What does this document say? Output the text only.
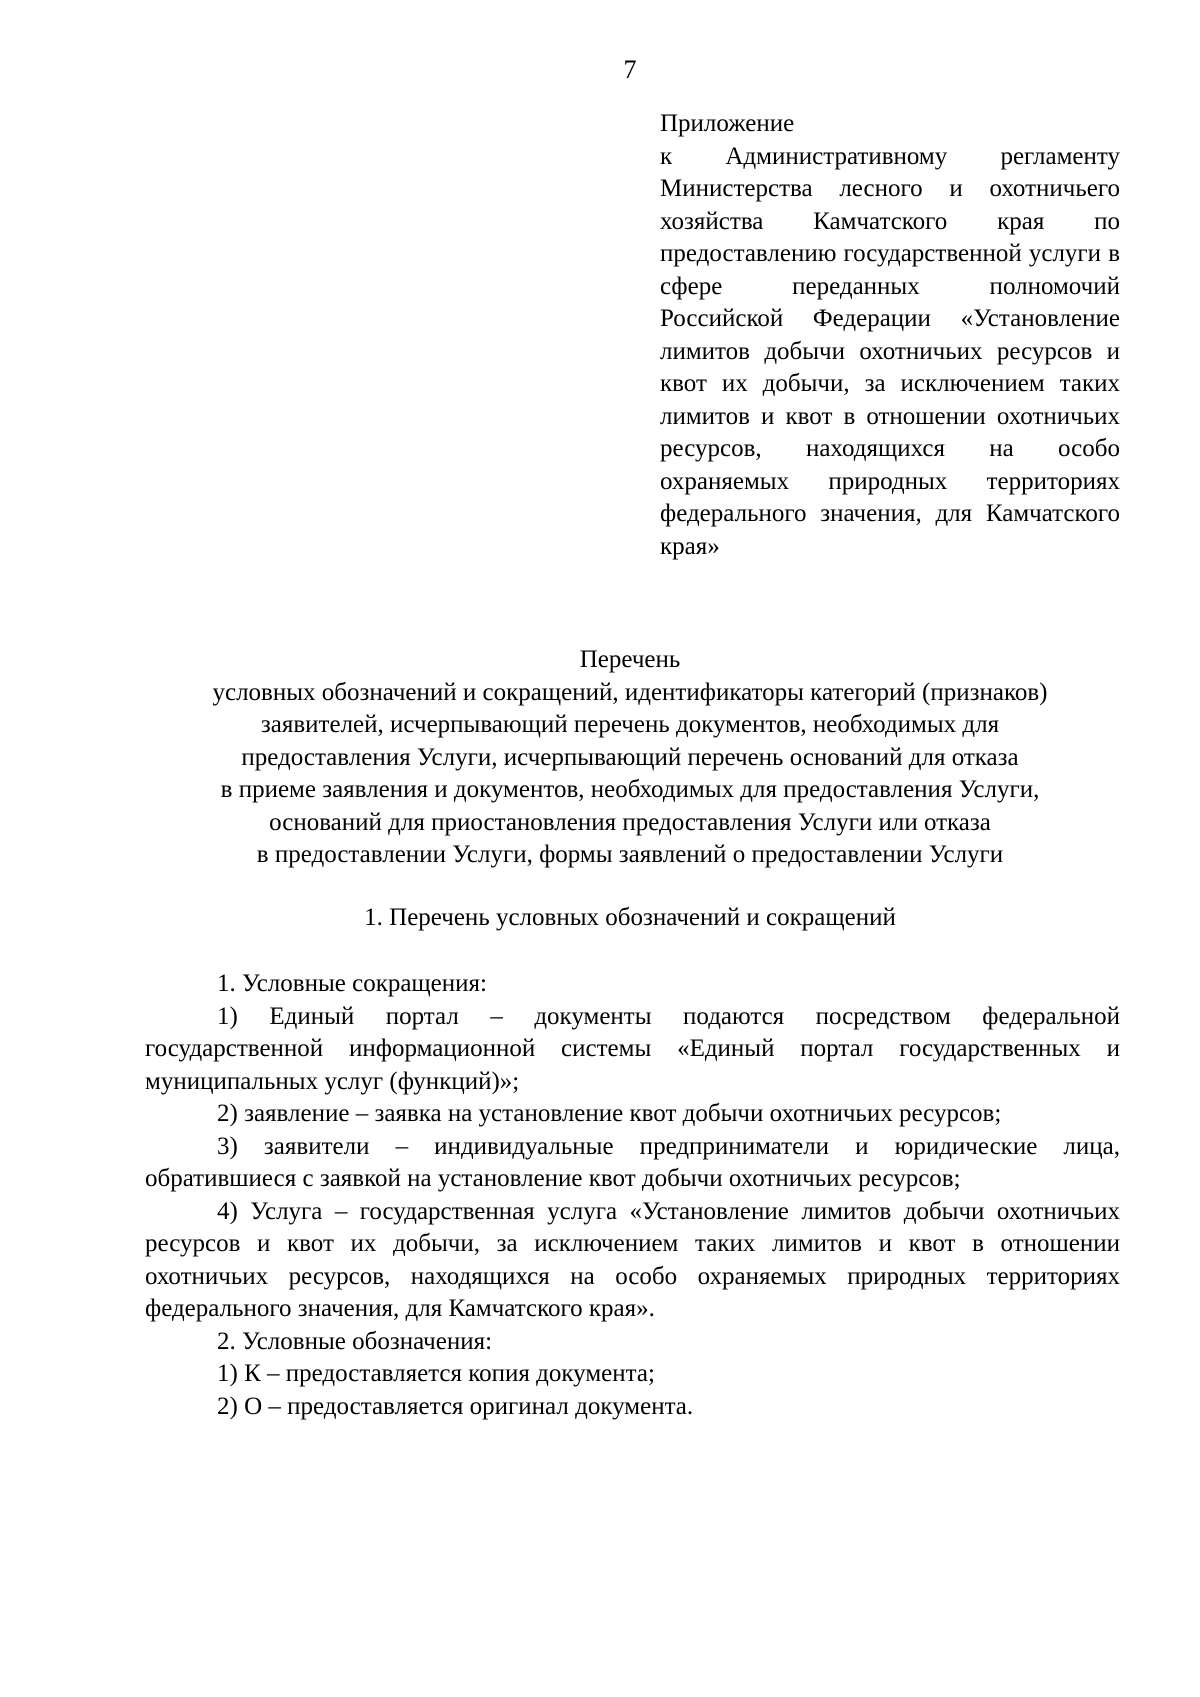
7
Приложение
к Административному регламенту Министерства лесного и охотничьего хозяйства Камчатского края по предоставлению государственной услуги в сфере переданных полномочий Российской Федерации «Установление лимитов добычи охотничьих ресурсов и квот их добычи, за исключением таких лимитов и квот в отношении охотничьих ресурсов, находящихся на особо охраняемых природных территориях федерального значения, для Камчатского края»
Перечень
условных обозначений и сокращений, идентификаторы категорий (признаков)
заявителей, исчерпывающий перечень документов, необходимых для
предоставления Услуги, исчерпывающий перечень оснований для отказа
в приеме заявления и документов, необходимых для предоставления Услуги,
оснований для приостановления предоставления Услуги или отказа
в предоставлении Услуги, формы заявлений о предоставлении Услуги
1. Перечень условных обозначений и сокращений

1. Условные сокращения:

1) Единый портал – документы подаются посредством федеральной государственной информационной системы «Единый портал государственных и муниципальных услуг (функций)»;

2) заявление – заявка на установление квот добычи охотничьих ресурсов;

3) заявители – индивидуальные предприниматели и юридические лица, обратившиеся с заявкой на установление квот добычи охотничьих ресурсов;

4) Услуга – государственная услуга «Установление лимитов добычи охотничьих ресурсов и квот их добычи, за исключением таких лимитов и квот в отношении охотничьих ресурсов, находящихся на особо охраняемых природных территориях федерального значения, для Камчатского края».

2. Условные обозначения:

1) К – предоставляется копия документа;

2) О – предоставляется оригинал документа.
